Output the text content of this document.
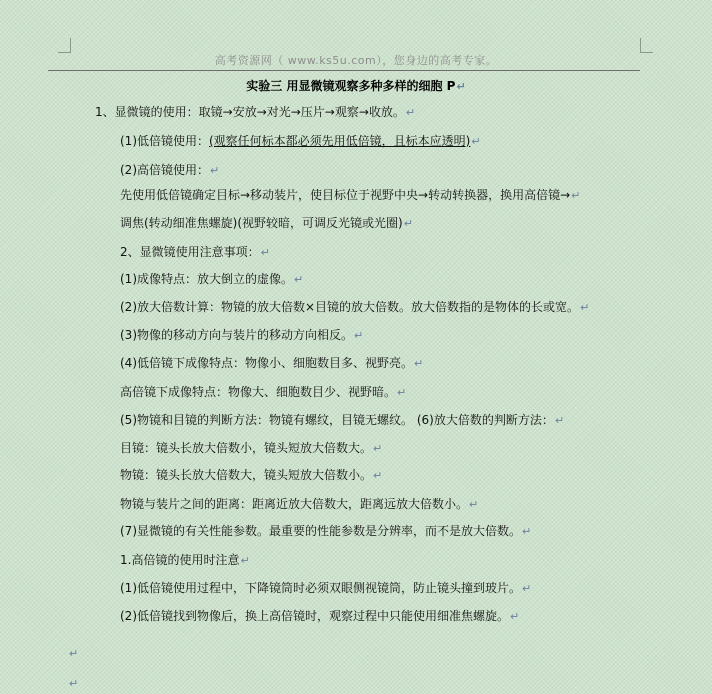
高考资源网（ www.ks5u.com），您身边的高考专家。
实验三 用显微镜观察多种多样的细胞 P↵
1、显微镜的使用：取镜→安放→对光→压片→观察→收放。↵
(1)低倍镜使用：(观察任何标本都必须先用低倍镜，且标本应透明)↵
(2)高倍镜使用：↵
先使用低倍镜确定目标→移动装片，使目标位于视野中央→转动转换器，换用高倍镜→↵
调焦(转动细准焦螺旋)(视野较暗，可调反光镜或光圈)↵
2、显微镜使用注意事项：↵
(1)成像特点：放大倒立的虚像。↵
(2)放大倍数计算：物镜的放大倍数×目镜的放大倍数。放大倍数指的是物体的长或宽。↵
(3)物像的移动方向与装片的移动方向相反。↵
(4)低倍镜下成像特点：物像小、细胞数目多、视野亮。↵
高倍镜下成像特点：物像大、细胞数目少、视野暗。↵
(5)物镜和目镜的判断方法：物镜有螺纹，目镜无螺纹。 (6)放大倍数的判断方法：↵
目镜：镜头长放大倍数小，镜头短放大倍数大。↵
物镜：镜头长放大倍数大，镜头短放大倍数小。↵
物镜与装片之间的距离：距离近放大倍数大，距离远放大倍数小。↵
(7)显微镜的有关性能参数。最重要的性能参数是分辨率，而不是放大倍数。↵
1.高倍镜的使用时注意↵
(1)低倍镜使用过程中，下降镜筒时必须双眼侧视镜筒，防止镜头撞到玻片。↵
(2)低倍镜找到物像后，换上高倍镜时，观察过程中只能使用细准焦螺旋。↵
↵
↵
